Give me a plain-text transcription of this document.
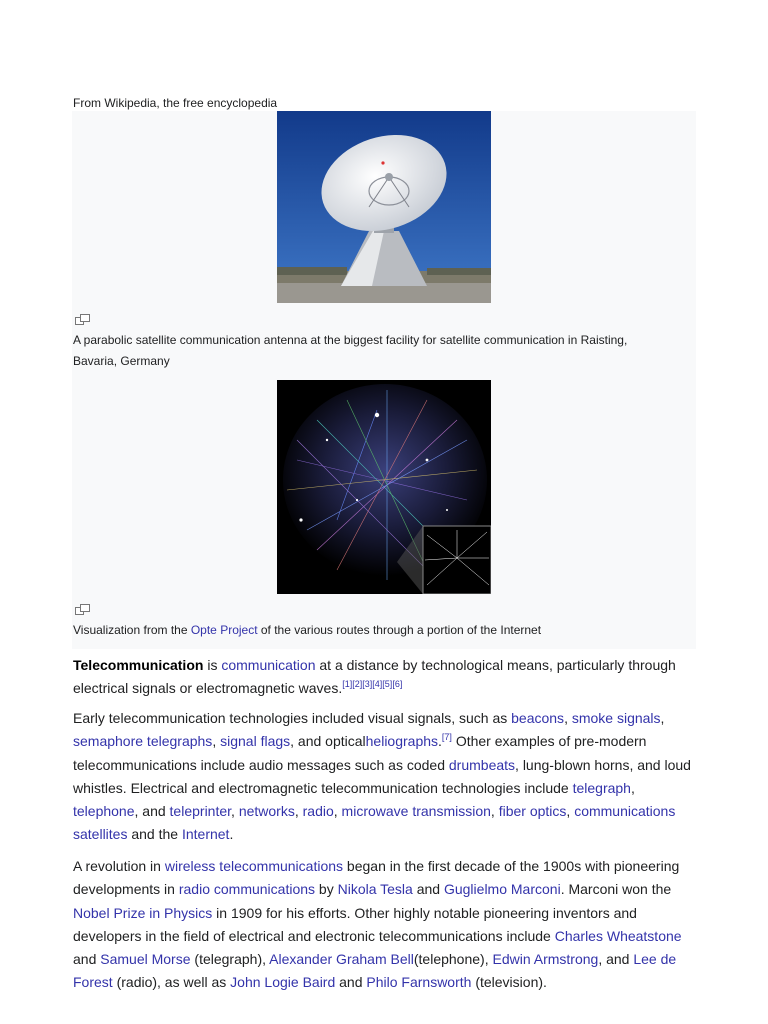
From Wikipedia, the free encyclopedia
A parabolic satellite communication antenna at the biggest facility for satellite communication in Raisting, Bavaria, Germany
Visualization from the Opte Project of the various routes through a portion of the Internet

Telecommunication is communication at a distance by technological means, particularly through electrical signals or electromagnetic waves.[1][2][3][4][5][6]

Early telecommunication technologies included visual signals, such as beacons, smoke signals, semaphore telegraphs, signal flags, and opticalheliographs.[7] Other examples of pre-modern telecommunications include audio messages such as coded drumbeats, lung-blown horns, and loud whistles. Electrical and electromagnetic telecommunication technologies include telegraph, telephone, and teleprinter, networks, radio, microwave transmission, fiber optics, communications satellites and the Internet.

A revolution in wireless telecommunications began in the first decade of the 1900s with pioneering developments in radio communications by Nikola Tesla and Guglielmo Marconi. Marconi won the Nobel Prize in Physics in 1909 for his efforts. Other highly notable pioneering inventors and developers in the field of electrical and electronic telecommunications include Charles Wheatstone and Samuel Morse (telegraph), Alexander Graham Bell(telephone), Edwin Armstrong, and Lee de Forest (radio), as well as John Logie Baird and Philo Farnsworth (television).
